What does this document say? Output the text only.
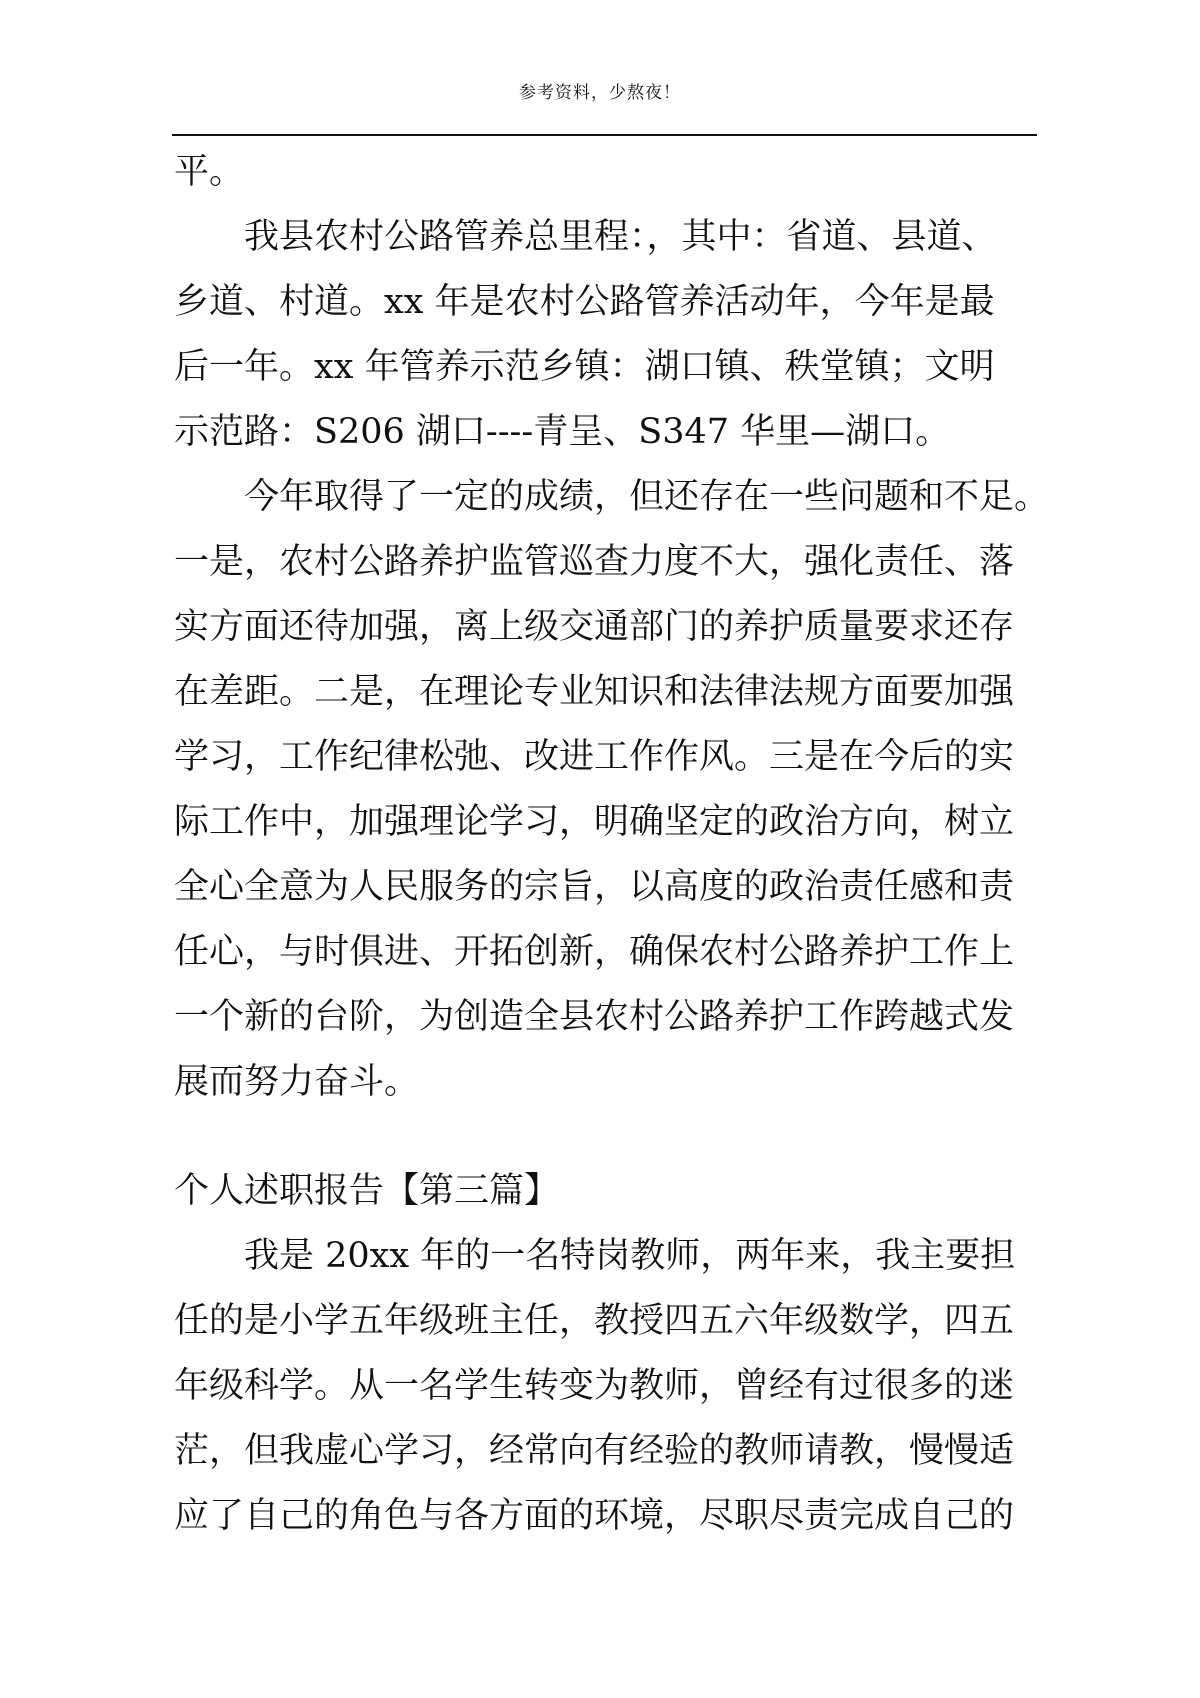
参考资料，少熬夜！
平。
我县农村公路管养总里程：，其中：省道、县道、
乡道、村道。xx 年是农村公路管养活动年，今年是最
后一年。xx 年管养示范乡镇：湖口镇、秩堂镇；文明
示范路：S206 湖口----青呈、S347 华里—湖口。
今年取得了一定的成绩，但还存在一些问题和不足。
一是，农村公路养护监管巡查力度不大，强化责任、落
实方面还待加强，离上级交通部门的养护质量要求还存
在差距。二是，在理论专业知识和法律法规方面要加强
学习，工作纪律松弛、改进工作作风。三是在今后的实
际工作中，加强理论学习，明确坚定的政治方向，树立
全心全意为人民服务的宗旨，以高度的政治责任感和责
任心，与时俱进、开拓创新，确保农村公路养护工作上
一个新的台阶，为创造全县农村公路养护工作跨越式发
展而努力奋斗。
个人述职报告【第三篇】
我是 20xx 年的一名特岗教师，两年来，我主要担
任的是小学五年级班主任，教授四五六年级数学，四五
年级科学。从一名学生转变为教师，曾经有过很多的迷
茫，但我虚心学习，经常向有经验的教师请教，慢慢适
应了自己的角色与各方面的环境，尽职尽责完成自己的
